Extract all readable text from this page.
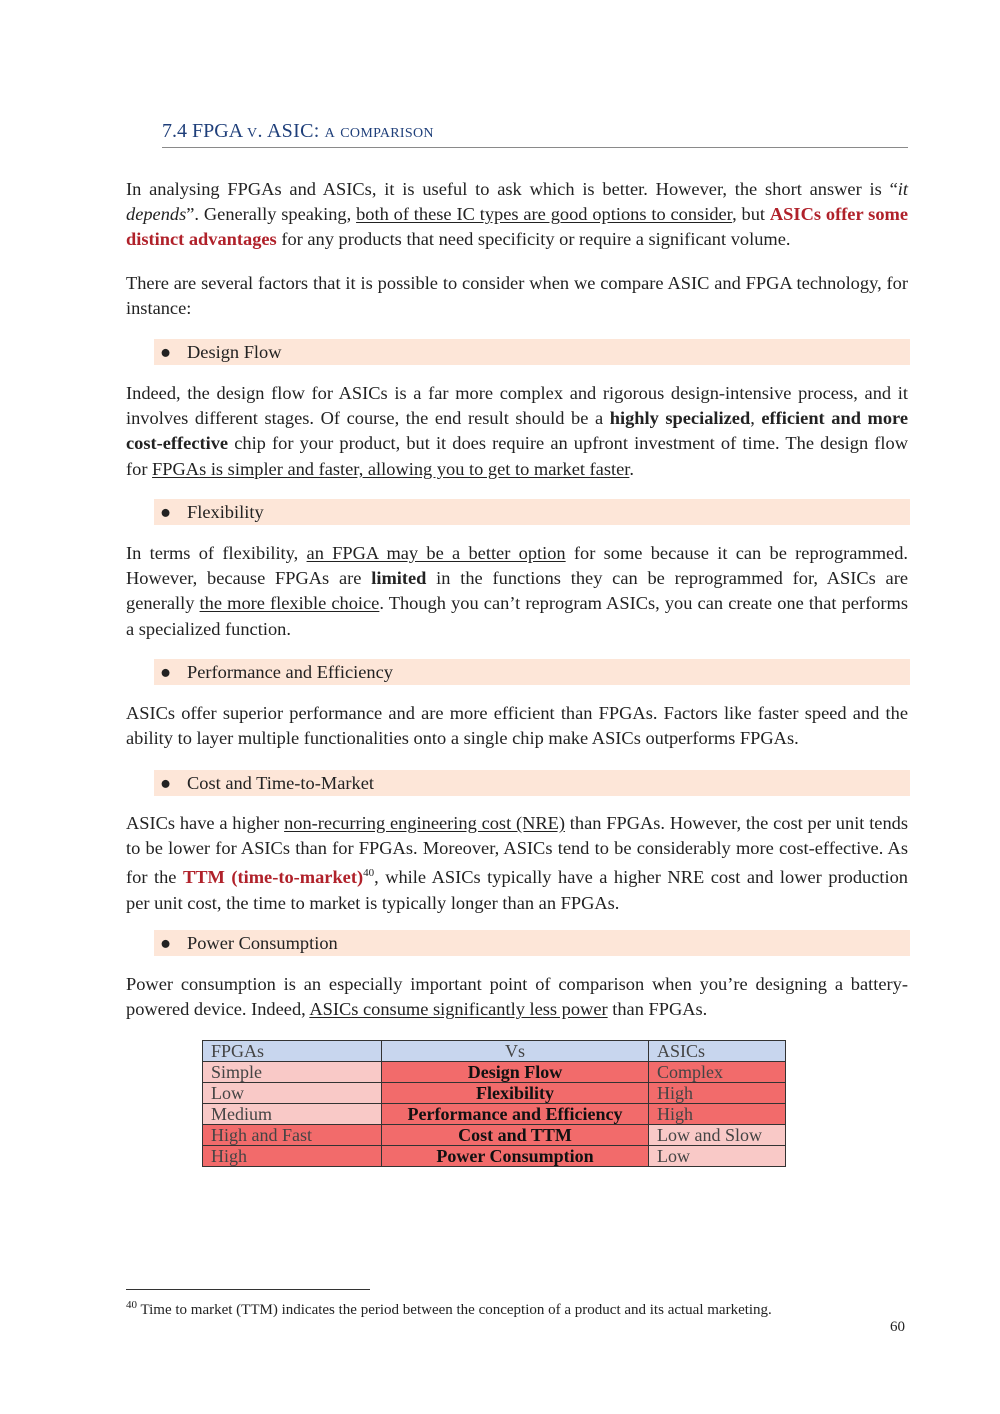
7.4 FPGA v. ASIC: a comparison

In analysing FPGAs and ASICs, it is useful to ask which is better. However, the short answer is “it depends”. Generally speaking, both of these IC types are good options to consider, but ASICs offer some distinct advantages for any products that need specificity or require a significant volume.

There are several factors that it is possible to consider when we compare ASIC and FPGA technology, for instance:

● Design Flow

Indeed, the design flow for ASICs is a far more complex and rigorous design-intensive process, and it involves different stages. Of course, the end result should be a highly specialized, efficient and more cost-effective chip for your product, but it does require an upfront investment of time. The design flow for FPGAs is simpler and faster, allowing you to get to market faster.

● Flexibility

In terms of flexibility, an FPGA may be a better option for some because it can be reprogrammed. However, because FPGAs are limited in the functions they can be reprogrammed for, ASICs are generally the more flexible choice. Though you can’t reprogram ASICs, you can create one that performs a specialized function.

● Performance and Efficiency

ASICs offer superior performance and are more efficient than FPGAs. Factors like faster speed and the ability to layer multiple functionalities onto a single chip make ASICs outperforms FPGAs.

● Cost and Time-to-Market

ASICs have a higher non-recurring engineering cost (NRE) than FPGAs. However, the cost per unit tends to be lower for ASICs than for FPGAs. Moreover, ASICs tend to be considerably more cost-effective. As for the TTM (time-to-market)$^{40}$, while ASICs typically have a higher NRE cost and lower production per unit cost, the time to market is typically longer than an FPGAs.

● Power Consumption

Power consumption is an especially important point of comparison when you’re designing a battery-powered device. Indeed, ASICs consume significantly less power than FPGAs.

FPGAs	Vs	ASICs
Simple	Design Flow	Complex
Low	Flexibility	High
Medium	Performance and Efficiency	High
High and Fast	Cost and TTM	Low and Slow
High	Power Consumption	Low
$^{40}$ Time to market (TTM) indicates the period between the conception of a product and its actual marketing.
60
